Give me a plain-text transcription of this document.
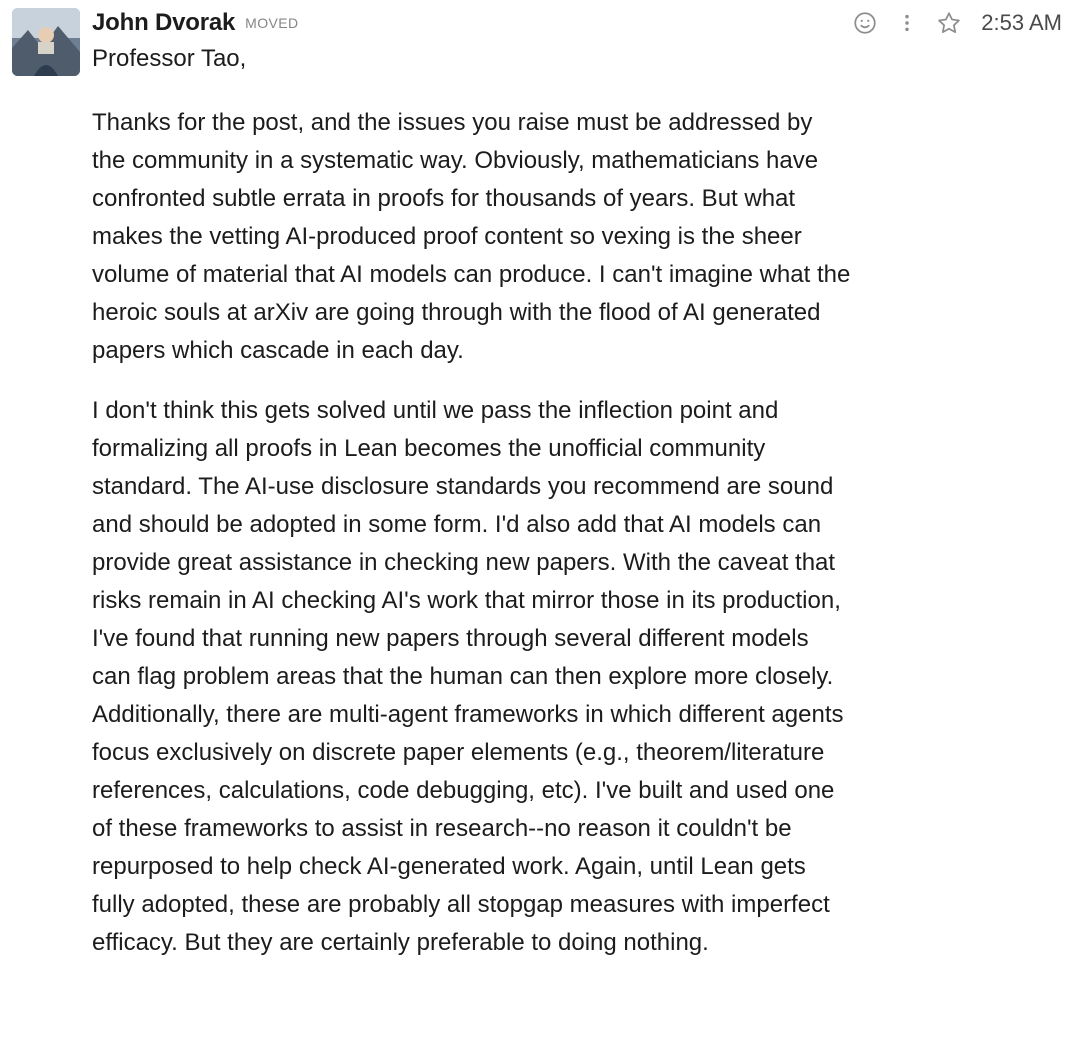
John Dvorak MOVED	2:53 AM

Professor Tao,

Thanks for the post, and the issues you raise must be addressed by the community in a systematic way. Obviously, mathematicians have confronted subtle errata in proofs for thousands of years. But what makes the vetting AI-produced proof content so vexing is the sheer volume of material that AI models can produce. I can't imagine what the heroic souls at arXiv are going through with the flood of AI generated papers which cascade in each day.

I don't think this gets solved until we pass the inflection point and formalizing all proofs in Lean becomes the unofficial community standard. The AI-use disclosure standards you recommend are sound and should be adopted in some form. I'd also add that AI models can provide great assistance in checking new papers. With the caveat that risks remain in AI checking AI's work that mirror those in its production, I've found that running new papers through several different models can flag problem areas that the human can then explore more closely. Additionally, there are multi-agent frameworks in which different agents focus exclusively on discrete paper elements (e.g., theorem/literature references, calculations, code debugging, etc). I've built and used one of these frameworks to assist in research--no reason it couldn't be repurposed to help check AI-generated work. Again, until Lean gets fully adopted, these are probably all stopgap measures with imperfect efficacy. But they are certainly preferable to doing nothing.
